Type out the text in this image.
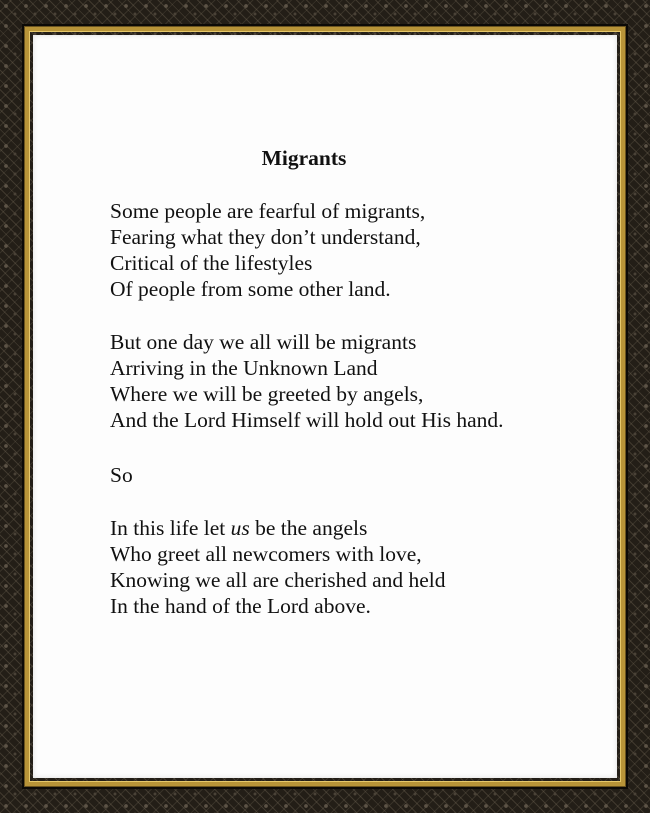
Migrants
Some people are fearful of migrants,
Fearing what they don’t understand,
Critical of the lifestyles
Of people from some other land.
But one day we all will be migrants
Arriving in the Unknown Land
Where we will be greeted by angels,
And the Lord Himself will hold out His hand.
So
In this life let us be the angels
Who greet all newcomers with love,
Knowing we all are cherished and held
In the hand of the Lord above.
